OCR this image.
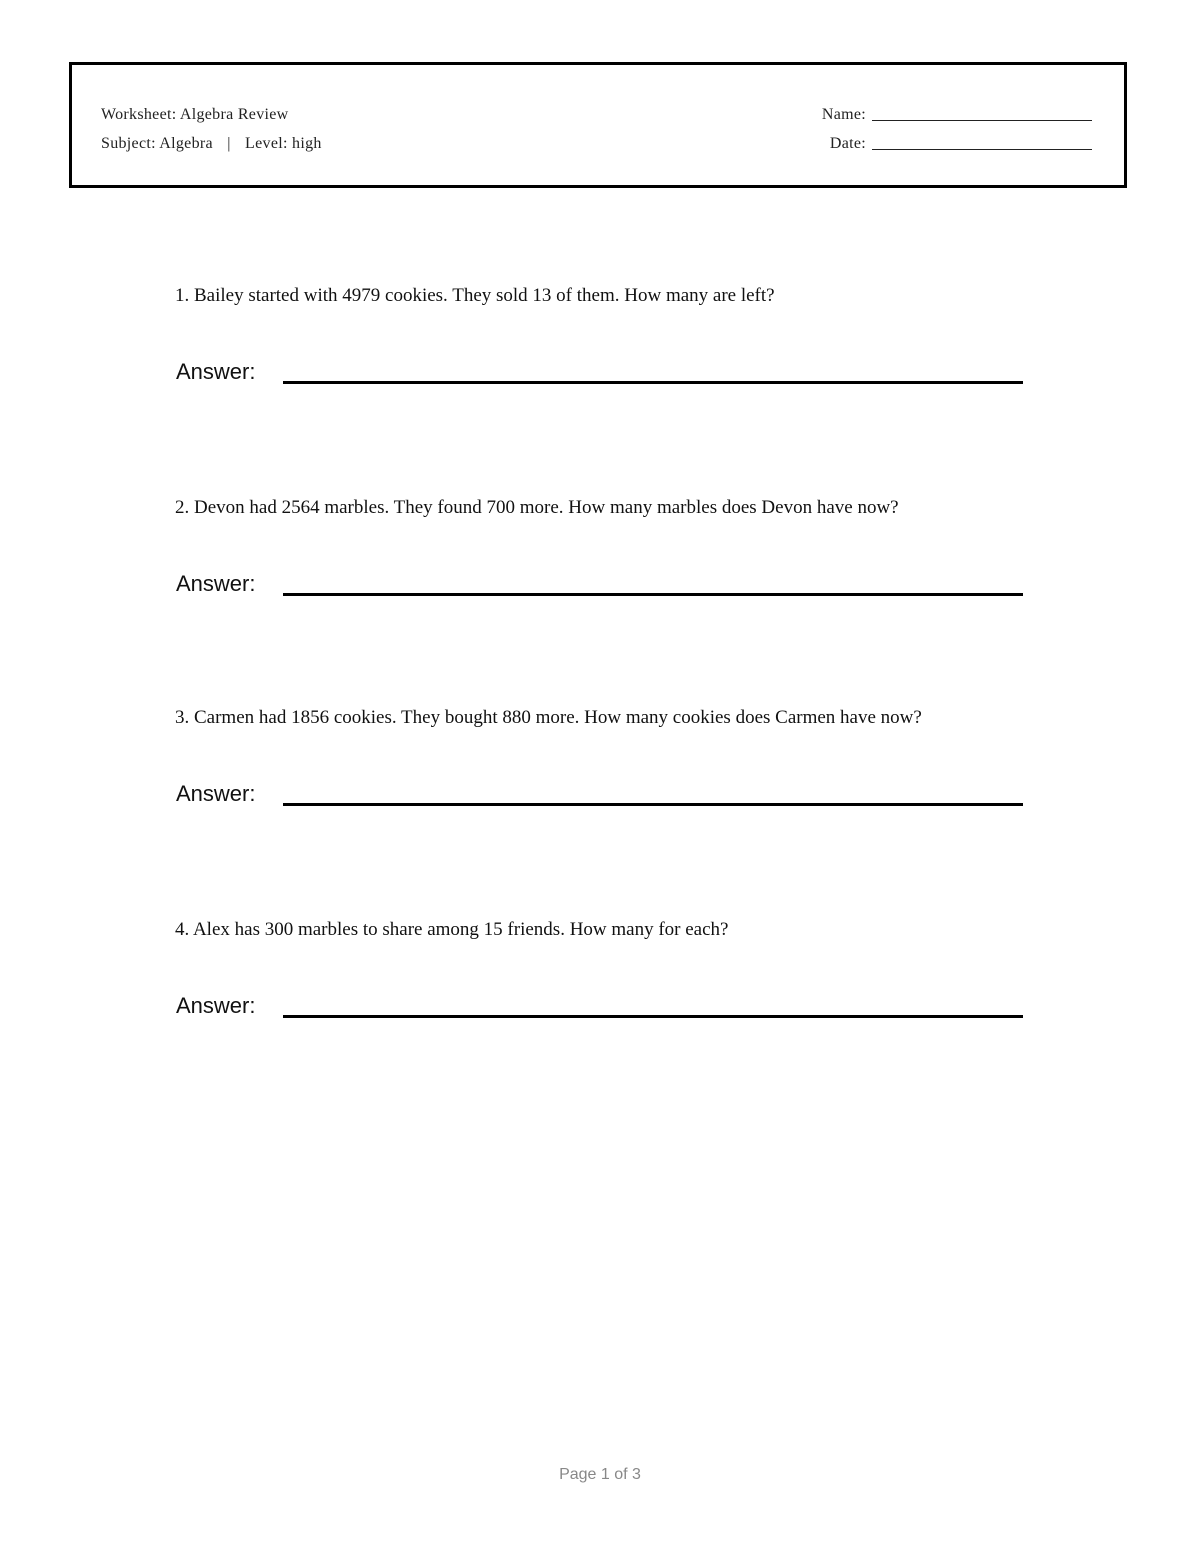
Worksheet: Algebra Review
Subject: Algebra | Level: high
Name:
Date:
1. Bailey started with 4979 cookies. They sold 13 of them. How many are left?
Answer:
2. Devon had 2564 marbles. They found 700 more. How many marbles does Devon have now?
Answer:
3. Carmen had 1856 cookies. They bought 880 more. How many cookies does Carmen have now?
Answer:
4. Alex has 300 marbles to share among 15 friends. How many for each?
Answer:
Page 1 of 3
